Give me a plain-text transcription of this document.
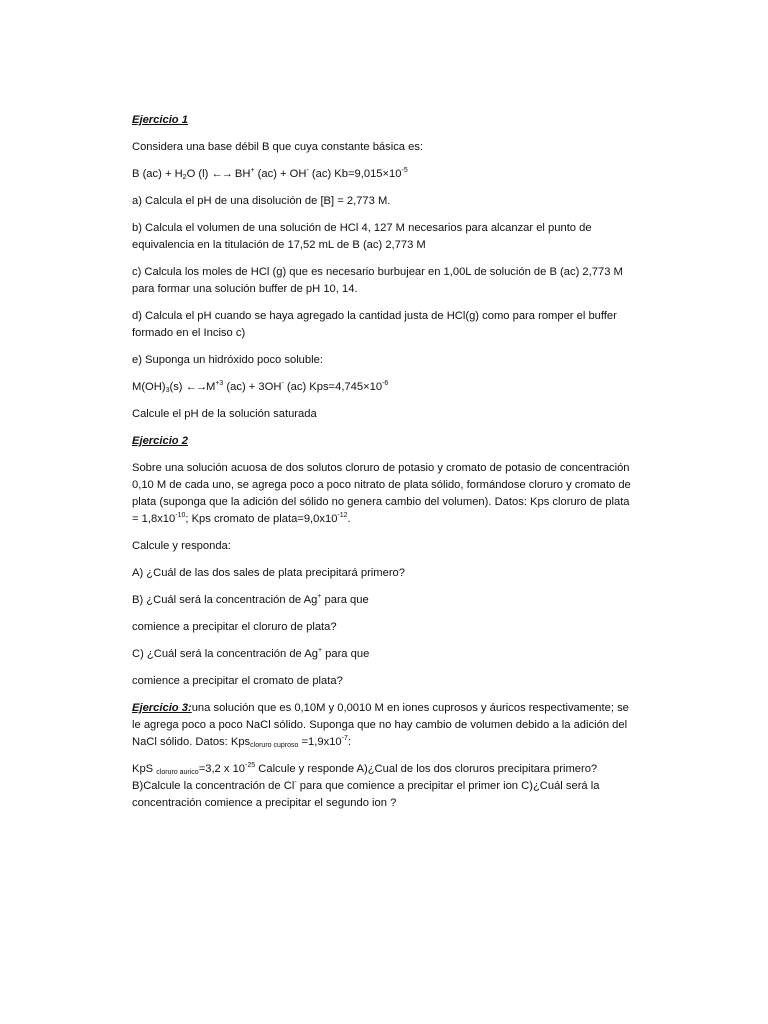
Ejercicio 1

Considera una base débil B que cuya constante básica es:

B $(ac) + H_2O$ (l) ←→ BH+ (ac) + OH- (ac) $Kb=9,015\times 10^{-5}$

a) Calcula el pH de una disolución de [B] = 2,773 M.

b) Calcula el volumen de una solución de HCl 4, 127 M necesarios para alcanzar el punto de equivalencia en la titulación de 17,52 mL de B (ac) 2,773 M

c) Calcula los moles de HCl (g) que es necesario burbujear en 1,00L de solución de B (ac) 2,773 M para formar una solución buffer de pH 10, 14.

d) Calcula el pH cuando se haya agregado la cantidad justa de HCl(g) como para romper el buffer formado en el Inciso c)

e) Suponga un hidróxido poco soluble:

$M(OH)_3(s)$ $\leftarrow\to M^{+3}$ (ac) + 3OH- (ac) $Kps=4,745\times 10^{-6}$

Calcule el pH de la solución saturada

Ejercicio 2

Sobre una solución acuosa de dos solutos cloruro de potasio y cromato de potasio de concentración 0,10 M de cada uno, se agrega poco a poco nitrato de plata sólido, formándose cloruro y cromato de plata (suponga que la adición del sólido no genera cambio del volumen). Datos: Kps cloruro de plata = $1,8x10^{-10}$; Kps cromato de $plata=9,0x10^{-12}$.

Calcule y responda:

A) ¿Cuál de las dos sales de plata precipitará primero?

B) ¿Cuál será la concentración de Ag+ para que

comience a precipitar el cloruro de plata?

C) ¿Cuál será la concentración de Ag+ para que

comience a precipitar el cromato de plata?

Ejercicio 3:una solución que es 0,10M y 0,0010 M en iones cuprosos y áuricos respectivamente; se le agrega poco a poco NaCl sólido. Suponga que no hay cambio de volumen debido a la adición del NaCl sólido. Datos: $Kps_{cloruro cuproso} =1,9x10^{-7}$:

KpS $_{cloruro aurico}$=3,2 x $10^{-25}$ Calcule y responde A)¿Cual de los dos cloruros precipitara primero? B)Calcule la concentración de Cl- para que comience a precipitar el primer ion C)¿Cuál será la concentración comience a precipitar el segundo ion ?
